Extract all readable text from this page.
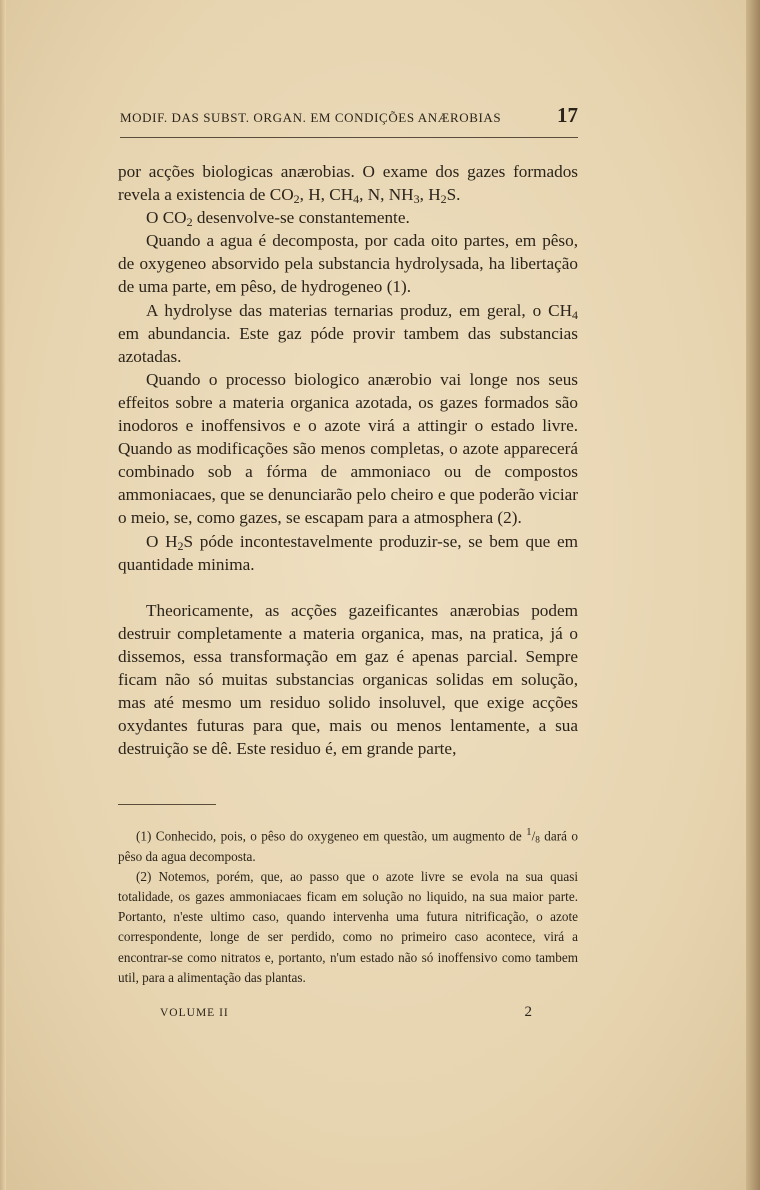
MODIF. DAS SUBST. ORGAN. EM CONDIÇÕES ANÆROBIAS	17

por acções biologicas anærobias. O exame dos gazes formados revela a existencia de $CO_2$, H, $CH_4$, N, $NH_3$, $H_2S$.

O $CO_2$ desenvolve-se constantemente.

Quando a agua é decomposta, por cada oito partes, em pêso, de oxygeneo absorvido pela substancia hydrolysada, ha libertação de uma parte, em pêso, de hydrogeneo (1).

A hydrolyse das materias ternarias produz, em geral, o $CH_4$ em abundancia. Este gaz póde provir tambem das substancias azotadas.

Quando o processo biologico anærobio vai longe nos seus effeitos sobre a materia organica azotada, os gazes formados são inodoros e inoffensivos e o azote virá a attingir o estado livre. Quando as modificações são menos completas, o azote apparecerá combinado sob a fórma de ammoniaco ou de compostos ammoniacaes, que se denunciarão pelo cheiro e que poderão viciar o meio, se, como gazes, se escapam para a atmosphera (2).

O $H_2S$ póde incontestavelmente produzir-se, se bem que em quantidade minima.

Theoricamente, as acções gazeificantes anærobias podem destruir completamente a materia organica, mas, na pratica, já o dissemos, essa transformação em gaz é apenas parcial. Sempre ficam não só muitas substancias organicas solidas em solução, mas até mesmo um residuo solido insoluvel, que exige acções oxydantes futuras para que, mais ou menos lentamente, a sua destruição se dê. Este residuo é, em grande parte,

(1) Conhecido, pois, o pêso do oxygeneo em questão, um augmento de $^1/_8$ dará o pêso da agua decomposta.

(2) Notemos, porém, que, ao passo que o azote livre se evola na sua quasi totalidade, os gazes ammoniacaes ficam em solução no liquido, na sua maior parte. Portanto, n'este ultimo caso, quando intervenha uma futura nitrificação, o azote correspondente, longe de ser perdido, como no primeiro caso acontece, virá a encontrar-se como nitratos e, portanto, n'um estado não só inoffensivo como tambem util, para a alimentação das plantas.

VOLUME II	2
